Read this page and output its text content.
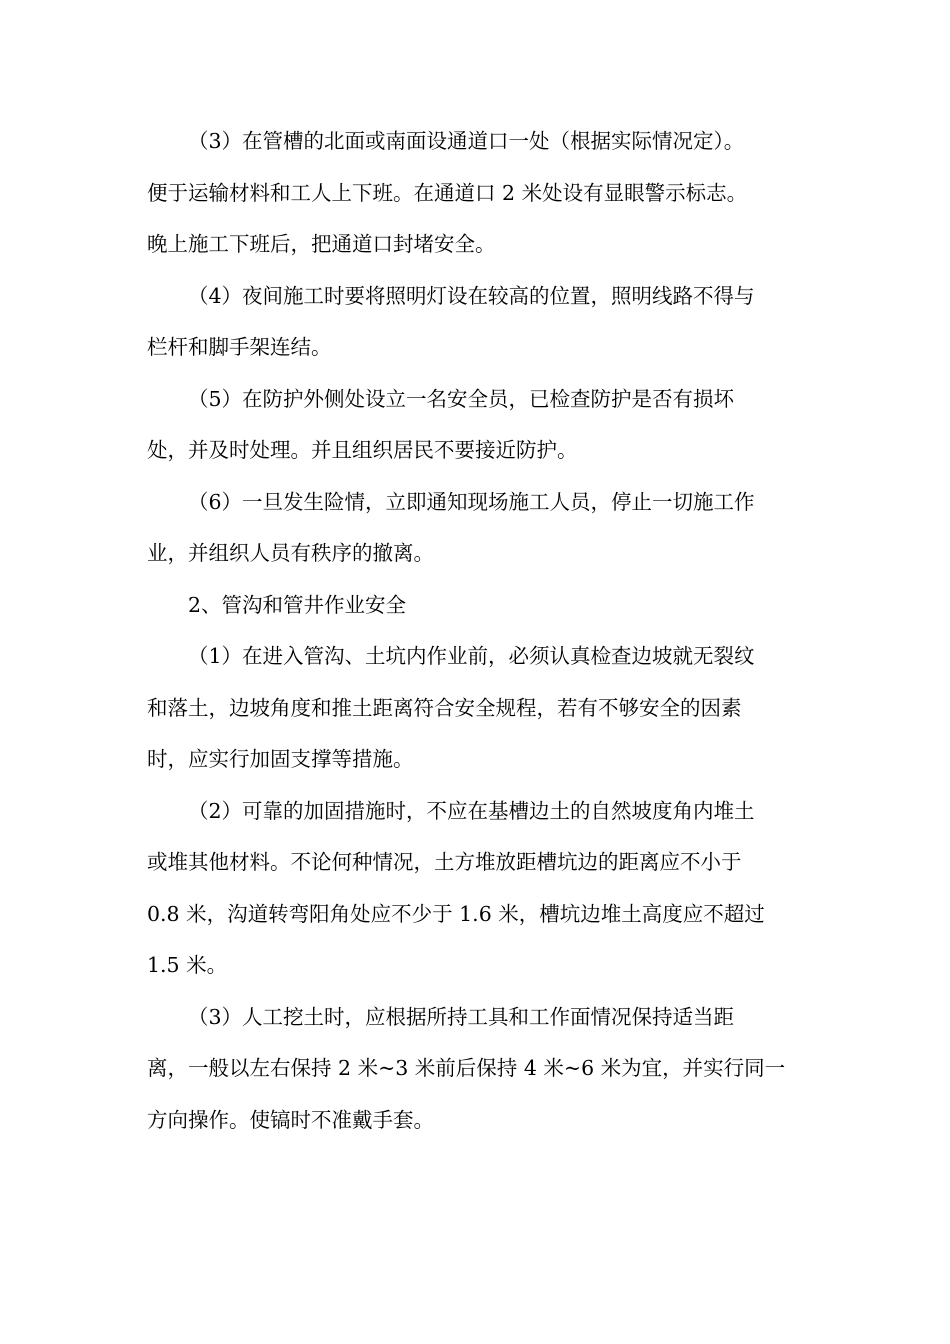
（3）在管槽的北面或南面设通道口一处（根据实际情况定）。
便于运输材料和工人上下班。在通道口 2 米处设有显眼警示标志。
晚上施工下班后，把通道口封堵安全。
（4）夜间施工时要将照明灯设在较高的位置，照明线路不得与
栏杆和脚手架连结。
（5）在防护外侧处设立一名安全员，已检查防护是否有损坏
处，并及时处理。并且组织居民不要接近防护。
（6）一旦发生险情，立即通知现场施工人员，停止一切施工作
业，并组织人员有秩序的撤离。
2、管沟和管井作业安全
（1）在进入管沟、土坑内作业前，必须认真检查边坡就无裂纹
和落土，边坡角度和推土距离符合安全规程，若有不够安全的因素
时，应实行加固支撑等措施。
（2）可靠的加固措施时，不应在基槽边土的自然坡度角内堆土
或堆其他材料。不论何种情况，土方堆放距槽坑边的距离应不小于
0.8 米，沟道转弯阳角处应不少于 1.6 米，槽坑边堆土高度应不超过
1.5 米。
（3）人工挖土时，应根据所持工具和工作面情况保持适当距
离，一般以左右保持 2 米~3 米前后保持 4 米~6 米为宜，并实行同一
方向操作。使镐时不准戴手套。
